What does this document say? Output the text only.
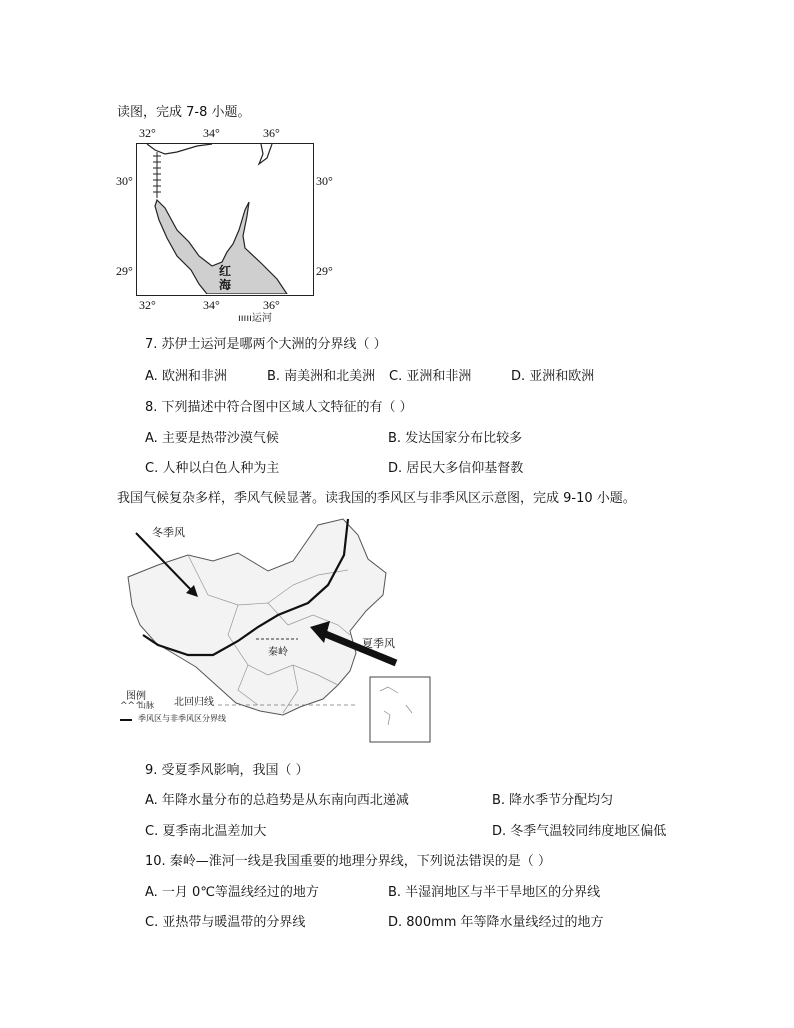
读图，完成 7-8 小题。
32°	34°	36°
32°	34°	36°
30°
29°
30°
29°
红
海
ııııı运河
7. 苏伊士运河是哪两个大洲的分界线（ ）
A. 欧洲和非洲	B. 南美洲和北美洲 C. 亚洲和非洲	D. 亚洲和欧洲
8. 下列描述中符合图中区域人文特征的有（ ）
A. 主要是热带沙漠气候	B. 发达国家分布比较多
C. 人种以白色人种为主	D. 居民大多信仰基督教
我国气候复杂多样，季风气候显著。读我国的季风区与非季风区示意图，完成 9-10 小题。
^^^
冬季风
夏季风
秦岭
图例
山脉
季风区与非季风区分界线
北回归线
9. 受夏季风影响，我国（ ）
A. 年降水量分布的总趋势是从东南向西北递减	B. 降水季节分配均匀
C. 夏季南北温差加大	D. 冬季气温较同纬度地区偏低
10. 秦岭—淮河一线是我国重要的地理分界线，下列说法错误的是（ ）
A. 一月 0℃等温线经过的地方	B. 半湿润地区与半干旱地区的分界线
C. 亚热带与暖温带的分界线	D. 800mm 年等降水量线经过的地方
